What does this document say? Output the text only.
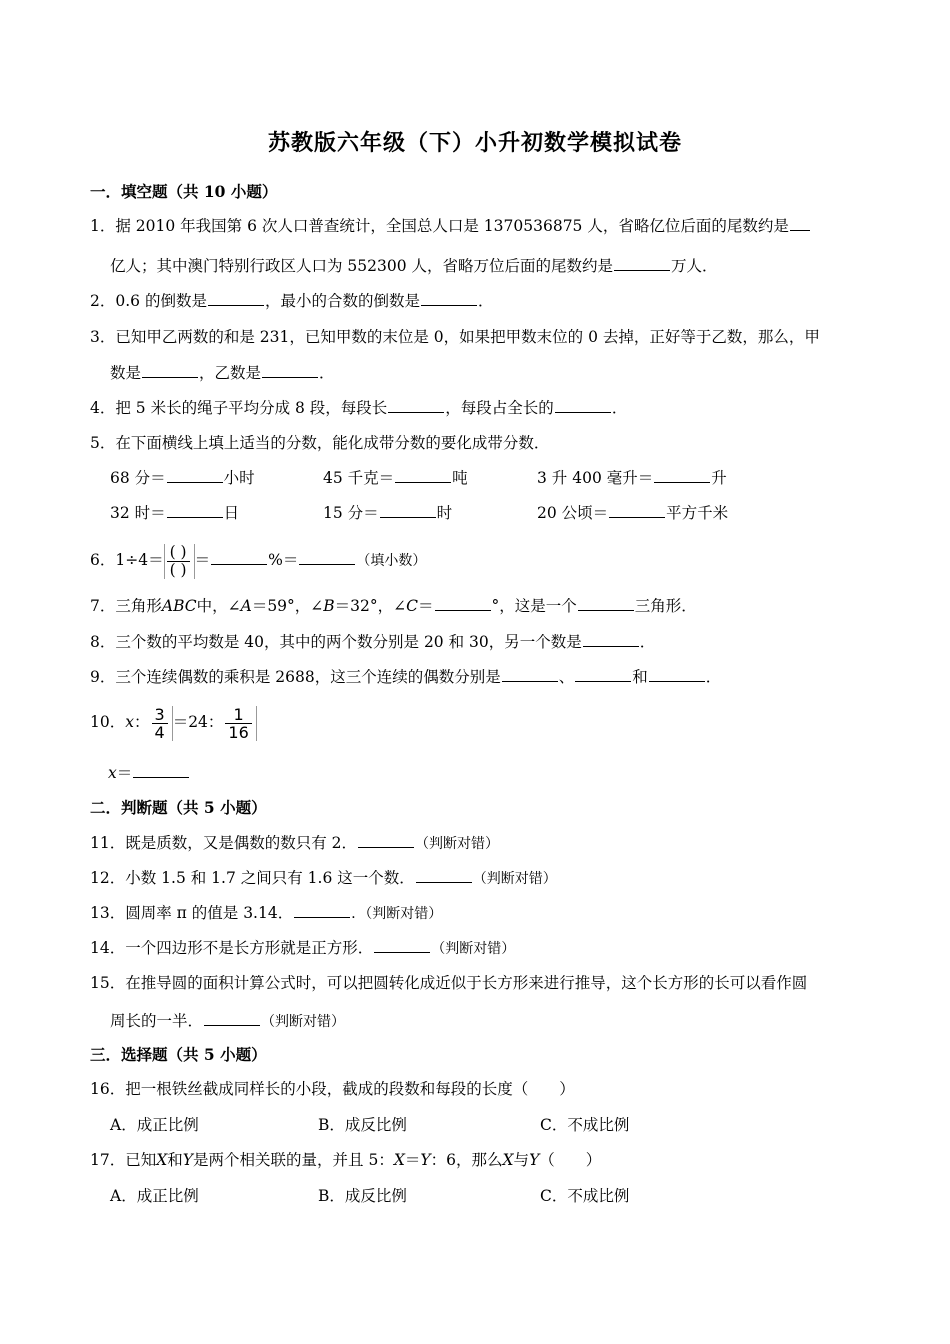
苏教版六年级（下）小升初数学模拟试卷
一．填空题（共 10 小题）
1．据 2010 年我国第 6 次人口普查统计，全国总人口是 1370536875 人，省略亿位后面的尾数约是
亿人；其中澳门特别行政区人口为 552300 人，省略万位后面的尾数约是	万人．
2．0.6 的倒数是	，最小的合数的倒数是	．
3．已知甲乙两数的和是 231，已知甲数的末位是 0，如果把甲数末位的 0 去掉，正好等于乙数，那么，甲
数是	，乙数是	．
4．把 5 米长的绳子平均分成 8 段，每段长	，每段占全长的	．
5．在下面横线上填上适当的分数，能化成带分数的要化成带分数．
68 分＝	小时	45 千克＝	吨	3 升 400 毫升＝	升
32 时＝	日	15 分＝	时	20 公顷＝	平方千米
6．$1\div 4= \frac{( )}{( )}$ ＝	%＝	（填小数）
7．三角形ABC中，∠A＝59°，∠B＝32°，∠C＝	°，这是一个	三角形．
8．三个数的平均数是 40，其中的两个数分别是 20 和 30，另一个数是	．
9．三个连续偶数的乘积是 2688，这三个连续的偶数分别是	、	和	．
10．x： $\frac{3}{4} =24$： $\frac{1}{16}$
x＝
二．判断题（共 5 小题）
11．既是质数，又是偶数的数只有 2．	（判断对错）
12．小数 1.5 和 1.7 之间只有 1.6 这一个数．	（判断对错）
13．圆周率 π 的值是 3.14．	．（判断对错）
14．一个四边形不是长方形就是正方形．	（判断对错）
15．在推导圆的面积计算公式时，可以把圆转化成近似于长方形来进行推导，这个长方形的长可以看作圆
周长的一半．	（判断对错）
三．选择题（共 5 小题）
16．把一根铁丝截成同样长的小段，截成的段数和每段的长度（　　）
A．成正比例	B．成反比例	C．不成比例
17．已知X和Y是两个相关联的量，并且 5：X＝Y：6，那么X与Y（　　）
A．成正比例	B．成反比例	C．不成比例
